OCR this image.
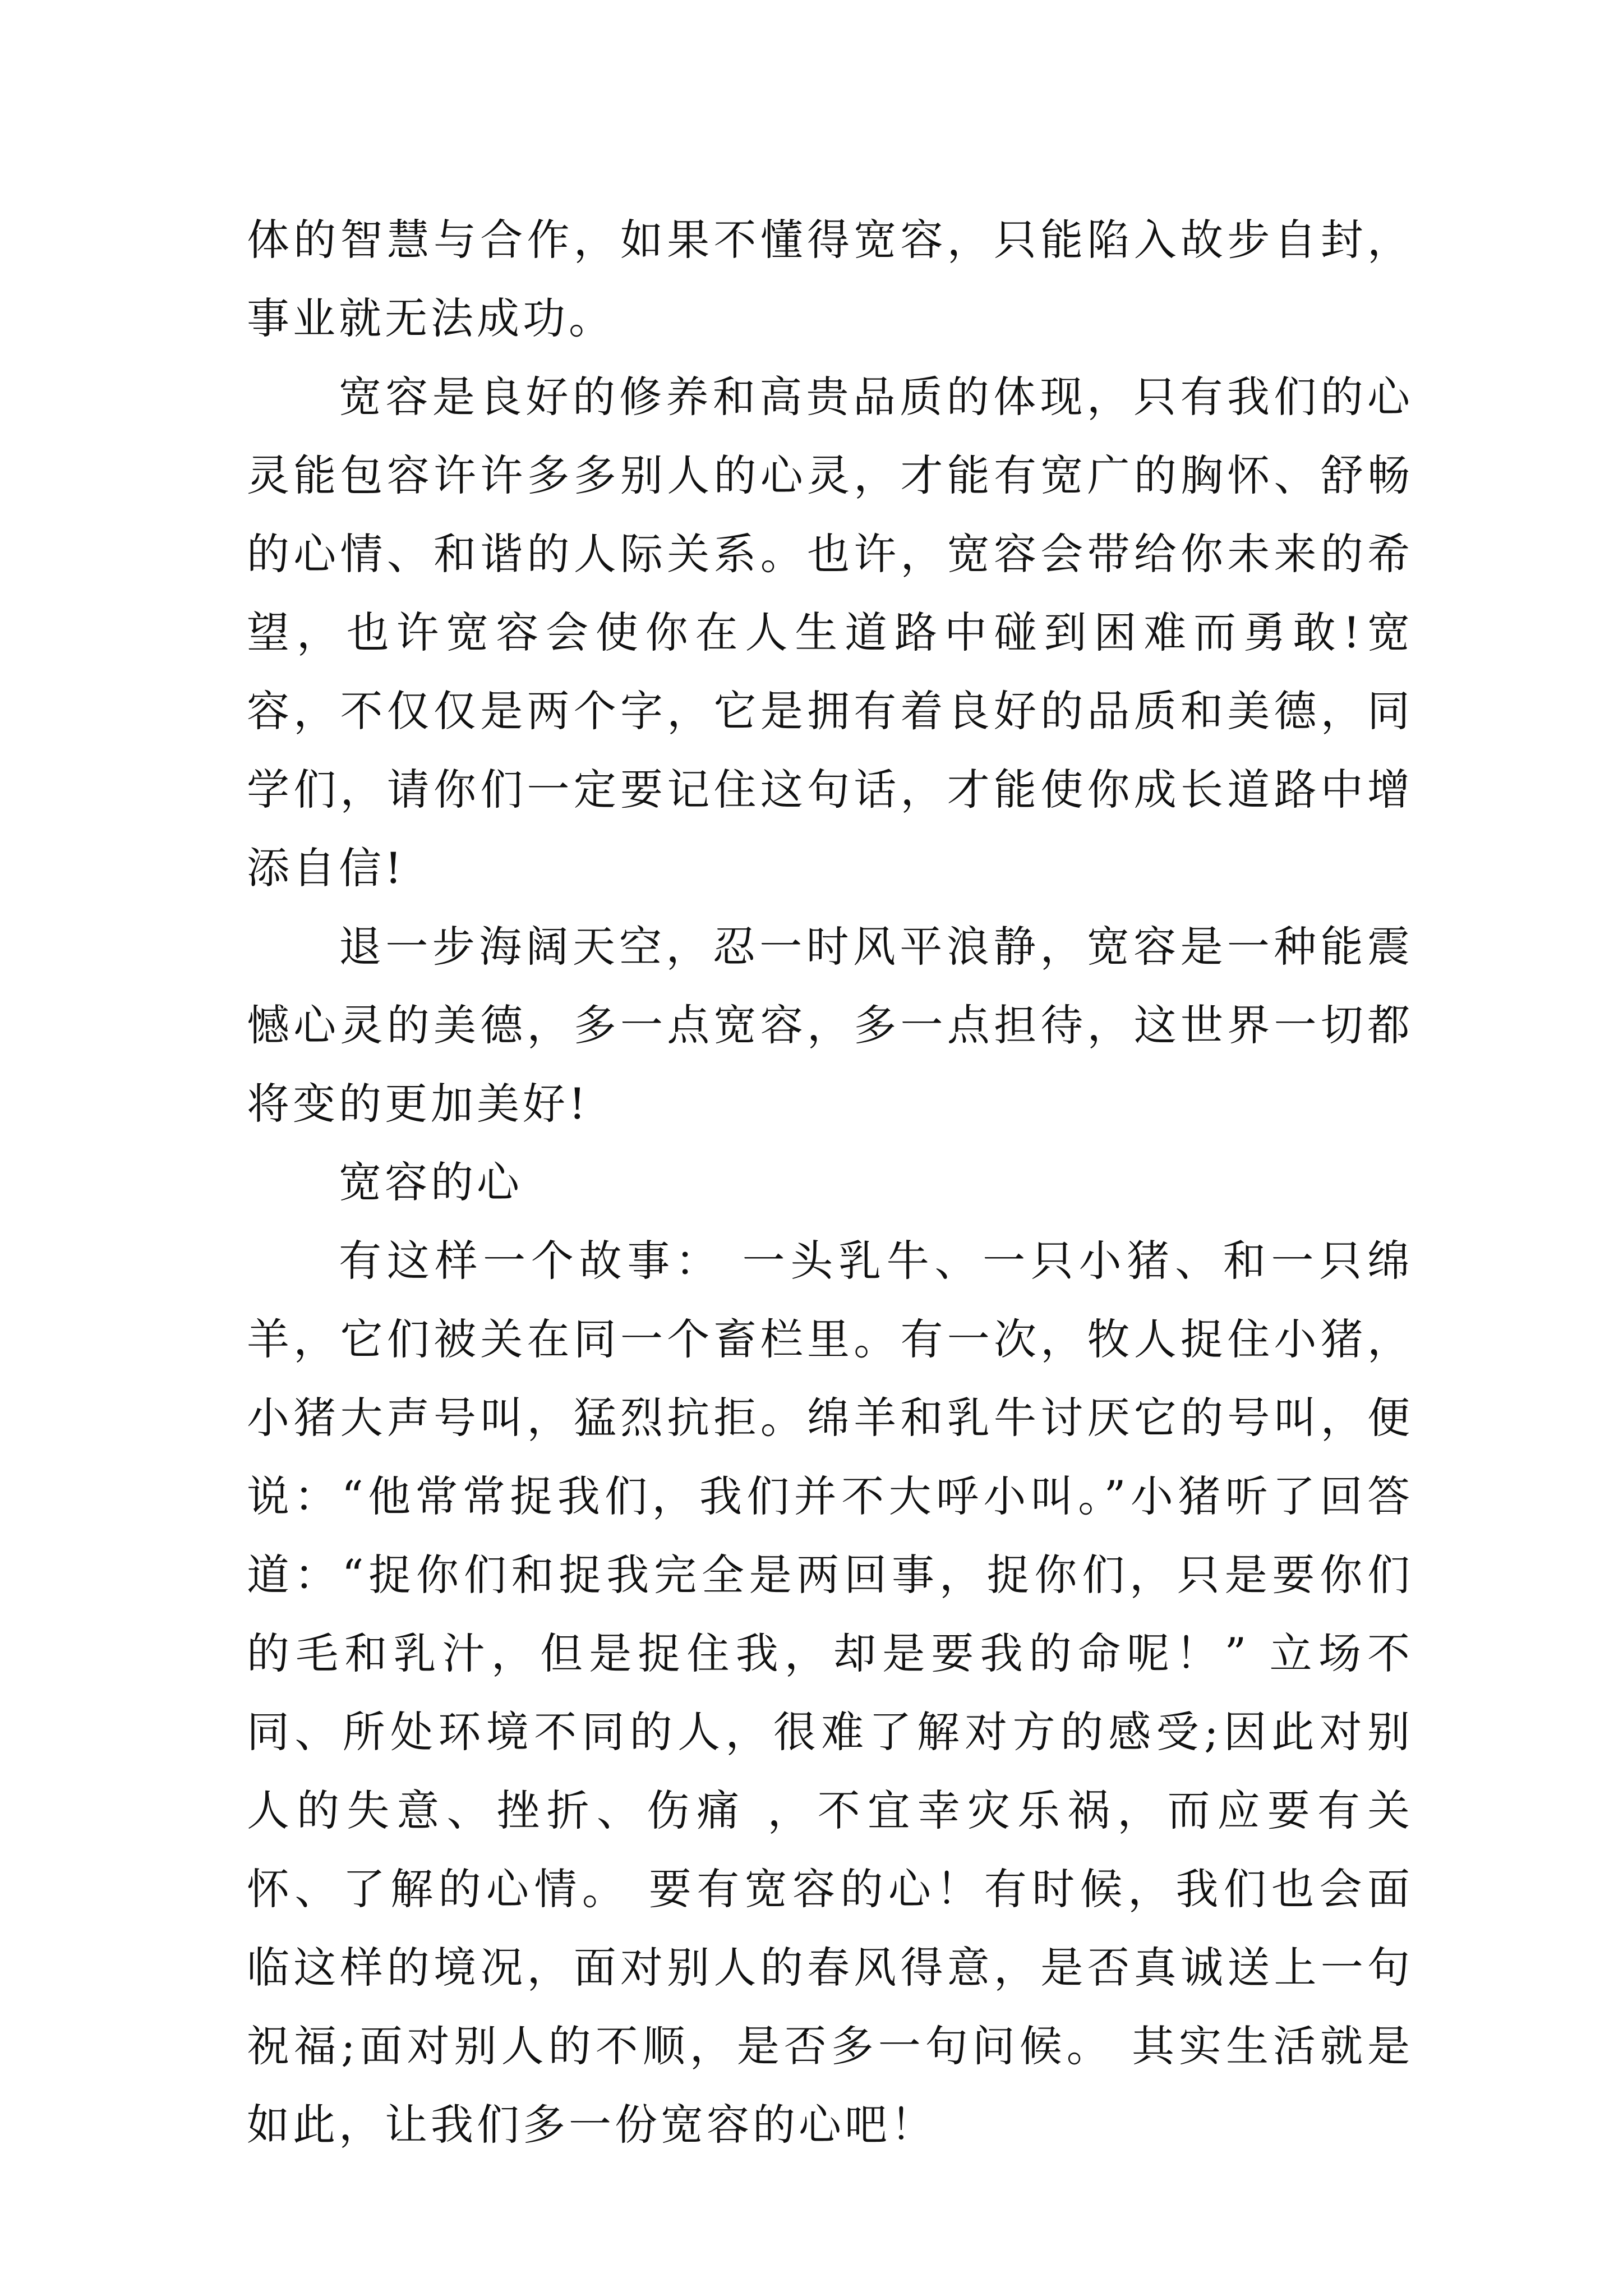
体的智慧与合作，如果不懂得宽容，只能陷入故步自封，事业就无法成功。

宽容是良好的修养和高贵品质的体现，只有我们的心灵能包容许许多多别人的心灵，才能有宽广的胸怀、舒畅的心情、和谐的人际关系。也许，宽容会带给你未来的希望，也许宽容会使你在人生道路中碰到困难而勇敢!宽容，不仅仅是两个字，它是拥有着良好的品质和美德，同学们，请你们一定要记住这句话，才能使你成长道路中增添自信!

退一步海阔天空，忍一时风平浪静，宽容是一种能震憾心灵的美德，多一点宽容，多一点担待，这世界一切都将变的更加美好!

宽容的心

有这样一个故事： 一头乳牛、一只小猪、和一只绵羊，它们被关在同一个畜栏里。有一次，牧人捉住小猪，小猪大声号叫，猛烈抗拒。绵羊和乳牛讨厌它的号叫，便说：“他常常捉我们，我们并不大呼小叫。”小猪听了回答道：“捉你们和捉我完全是两回事，捉你们，只是要你们的毛和乳汁，但是捉住我，却是要我的命呢！” 立场不同、所处环境不同的人，很难了解对方的感受;因此对别人的失意、挫折、伤痛 ，不宜幸灾乐祸，而应要有关怀、了解的心情。 要有宽容的心！有时候，我们也会面临这样的境况，面对别人的春风得意，是否真诚送上一句祝福;面对别人的不顺，是否多一句问候。 其实生活就是如此，让我们多一份宽容的心吧！
